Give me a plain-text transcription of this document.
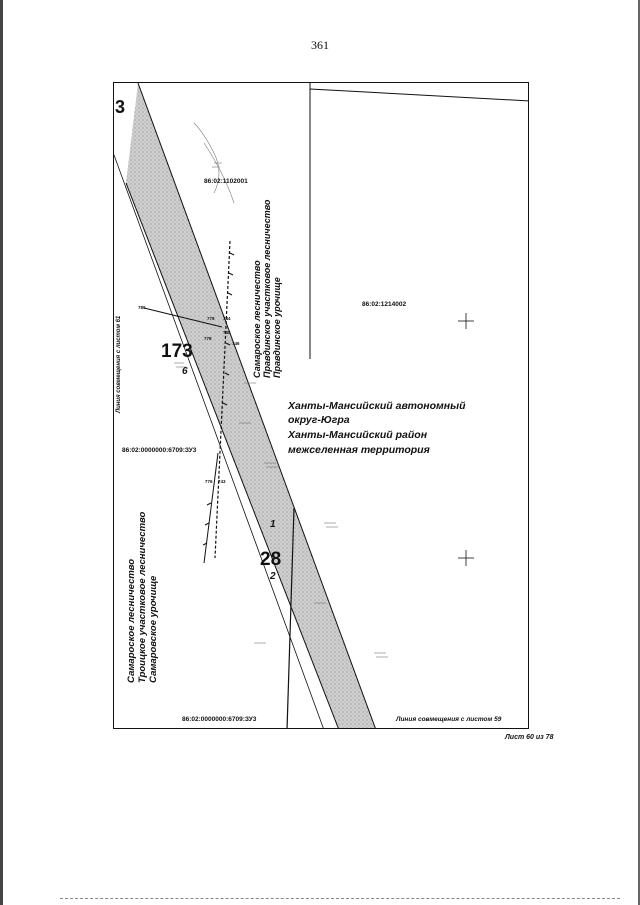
361
3
86:02:1102001
86:02:1214002
86:02:0000000:6709:ЗУ3
86:02:0000000:6709:ЗУ3
173
6
1
28
2
780
779
778
744
745
746
743
776
Ханты-Мансийский автономный
округ-Югра
Ханты-Мансийский район
межселенная территория
Самароское лесничество Правдинское участковое лесничество Правдинское урочище
Самароское лесничество Троицкое участковое лесничество Самаровское урочище
Линия совмещения с листом 61
Линия совмещения с листом 59
Лист 60 из 78
